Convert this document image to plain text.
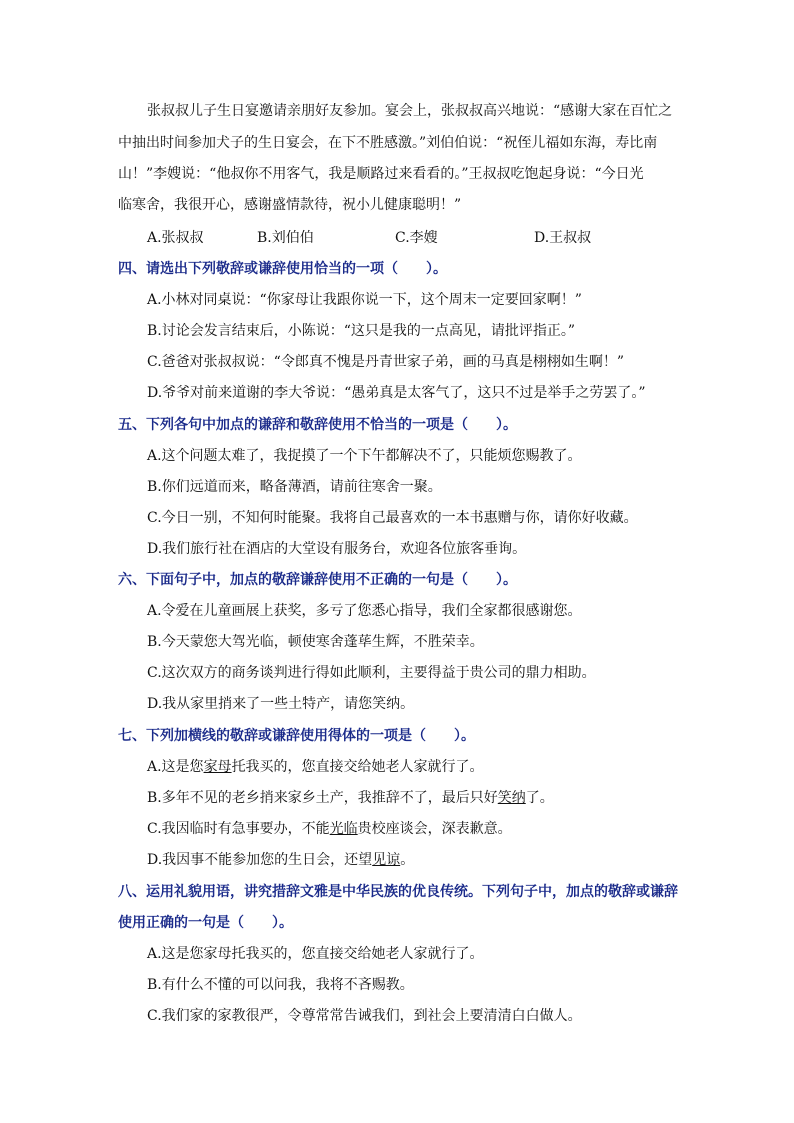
张叔叔儿子生日宴邀请亲朋好友参加。宴会上，张叔叔高兴地说：“感谢大家在百忙之
中抽出时间参加犬子的生日宴会，在下不胜感激。”刘伯伯说：“祝侄儿福如东海，寿比南
山！”李嫂说：“他叔你不用客气，我是顺路过来看看的。”王叔叔吃饱起身说：“今日光
临寒舍，我很开心，感谢盛情款待，祝小儿健康聪明！”
A.张叔叔	B.刘伯伯	C.李嫂	D.王叔叔
四、请选出下列敬辞或谦辞使用恰当的一项（　　）。
A.小林对同桌说：“你家母让我跟你说一下，这个周末一定要回家啊！”
B.讨论会发言结束后，小陈说：“这只是我的一点高见，请批评指正。”
C.爸爸对张叔叔说：“令郎真不愧是丹青世家子弟，画的马真是栩栩如生啊！”
D.爷爷对前来道谢的李大爷说：“愚弟真是太客气了，这只不过是举手之劳罢了。”
五、下列各句中加点的谦辞和敬辞使用不恰当的一项是（　　）。
A.这个问题太难了，我捉摸了一个下午都解决不了，只能烦您赐教了。
B.你们远道而来，略备薄酒，请前往寒舍一聚。
C.今日一别，不知何时能聚。我将自己最喜欢的一本书惠赠与你，请你好收藏。
D.我们旅行社在酒店的大堂设有服务台，欢迎各位旅客垂询。
六、下面句子中，加点的敬辞谦辞使用不正确的一句是（　　）。
A.令爱在儿童画展上获奖，多亏了您悉心指导，我们全家都很感谢您。
B.今天蒙您大驾光临，顿使寒舍蓬荜生辉，不胜荣幸。
C.这次双方的商务谈判进行得如此顺利，主要得益于贵公司的鼎力相助。
D.我从家里捎来了一些土特产，请您笑纳。
七、下列加横线的敬辞或谦辞使用得体的一项是（　　）。
A.这是您家母托我买的，您直接交给她老人家就行了。
B.多年不见的老乡捎来家乡土产，我推辞不了，最后只好笑纳了。
C.我因临时有急事要办，不能光临贵校座谈会，深表歉意。
D.我因事不能参加您的生日会，还望见谅。
八、运用礼貌用语，讲究措辞文雅是中华民族的优良传统。下列句子中，加点的敬辞或谦辞
使用正确的一句是（　　）。
A.这是您家母托我买的，您直接交给她老人家就行了。
B.有什么不懂的可以问我，我将不吝赐教。
C.我们家的家教很严，令尊常常告诫我们，到社会上要清清白白做人。
